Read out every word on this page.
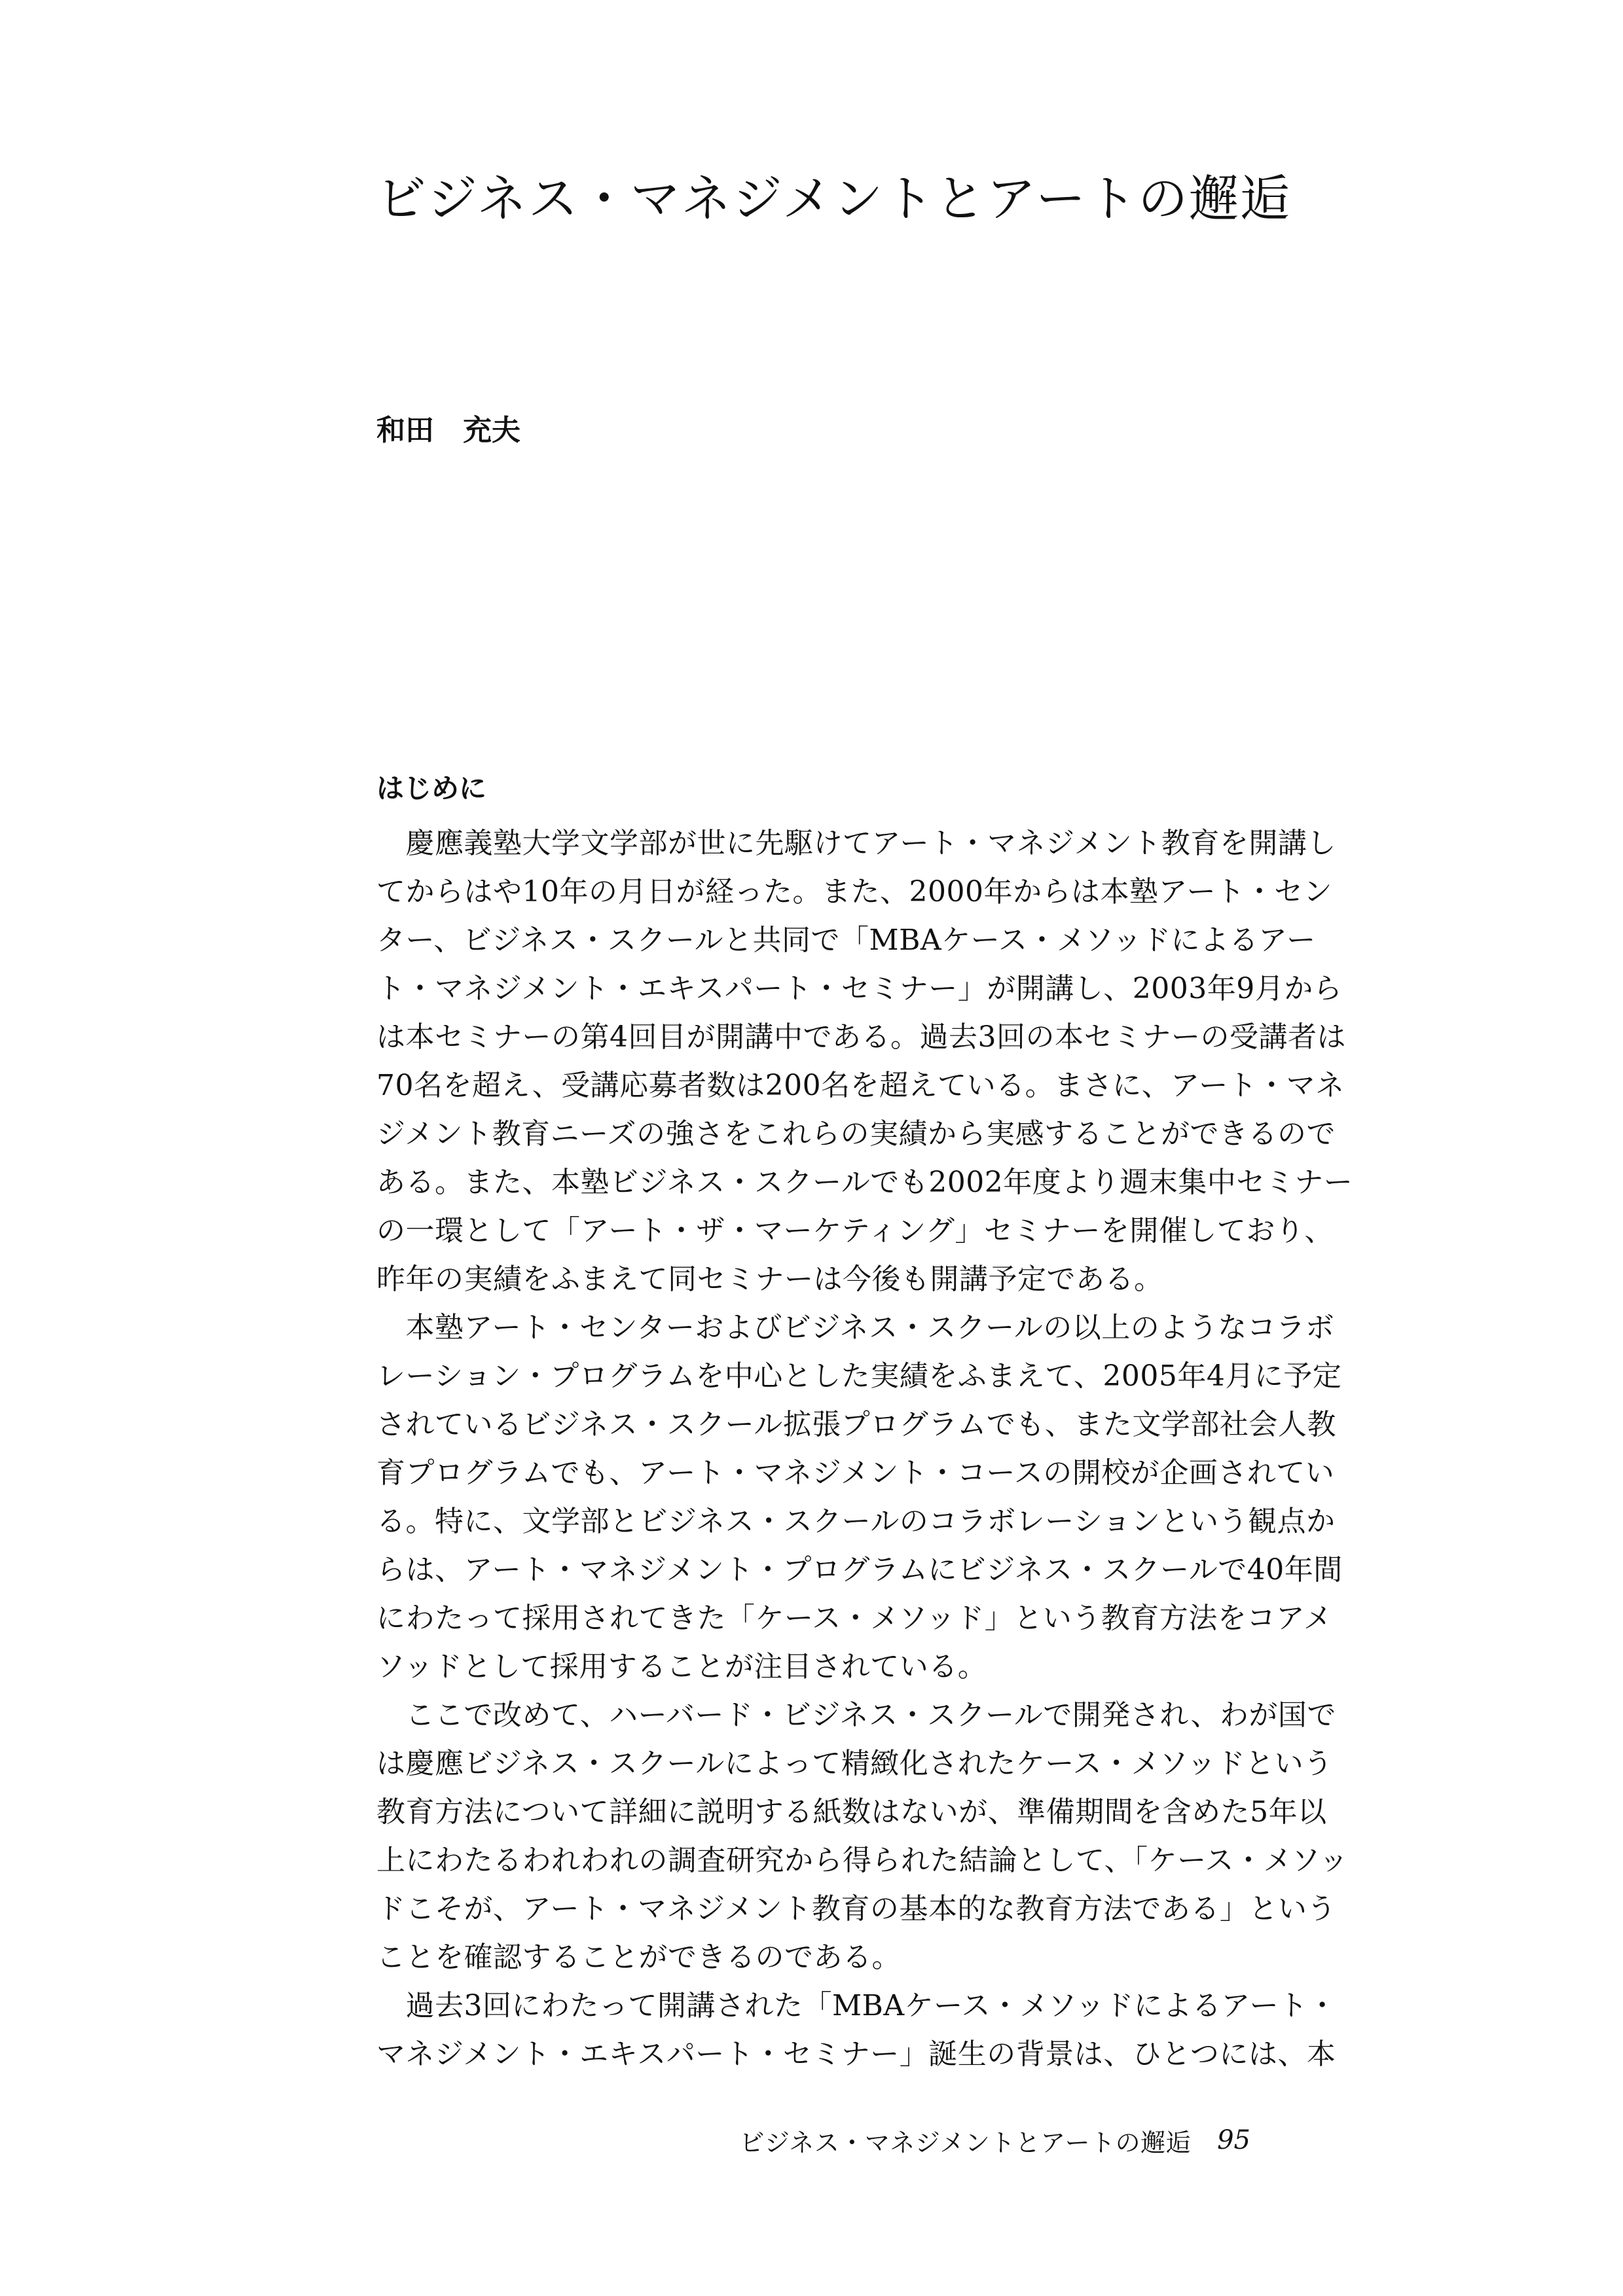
ビジネス・マネジメントとアートの邂逅
和田　充夫
はじめに
　慶應義塾大学文学部が世に先駆けてアート・マネジメント教育を開講し
てからはや10年の月日が経った。また、2000年からは本塾アート・セン
ター、ビジネス・スクールと共同で「MBAケース・メソッドによるアー
ト・マネジメント・エキスパート・セミナー」が開講し、2003年9月から
は本セミナーの第4回目が開講中である。過去3回の本セミナーの受講者は
70名を超え、受講応募者数は200名を超えている。まさに、アート・マネ
ジメント教育ニーズの強さをこれらの実績から実感することができるので
ある。また、本塾ビジネス・スクールでも2002年度より週末集中セミナー
の一環として「アート・ザ・マーケティング」セミナーを開催しており、
昨年の実績をふまえて同セミナーは今後も開講予定である。
　本塾アート・センターおよびビジネス・スクールの以上のようなコラボ
レーション・プログラムを中心とした実績をふまえて、2005年4月に予定
されているビジネス・スクール拡張プログラムでも、また文学部社会人教
育プログラムでも、アート・マネジメント・コースの開校が企画されてい
る。特に、文学部とビジネス・スクールのコラボレーションという観点か
らは、アート・マネジメント・プログラムにビジネス・スクールで40年間
にわたって採用されてきた「ケース・メソッド」という教育方法をコアメ
ソッドとして採用することが注目されている。
　ここで改めて、ハーバード・ビジネス・スクールで開発され、わが国で
は慶應ビジネス・スクールによって精緻化されたケース・メソッドという
教育方法について詳細に説明する紙数はないが、準備期間を含めた5年以
上にわたるわれわれの調査研究から得られた結論として、「ケース・メソッ
ドこそが、アート・マネジメント教育の基本的な教育方法である」という
ことを確認することができるのである。
　過去3回にわたって開講された「MBAケース・メソッドによるアート・
マネジメント・エキスパート・セミナー」誕生の背景は、ひとつには、本
ビジネス・マネジメントとアートの邂逅 95
